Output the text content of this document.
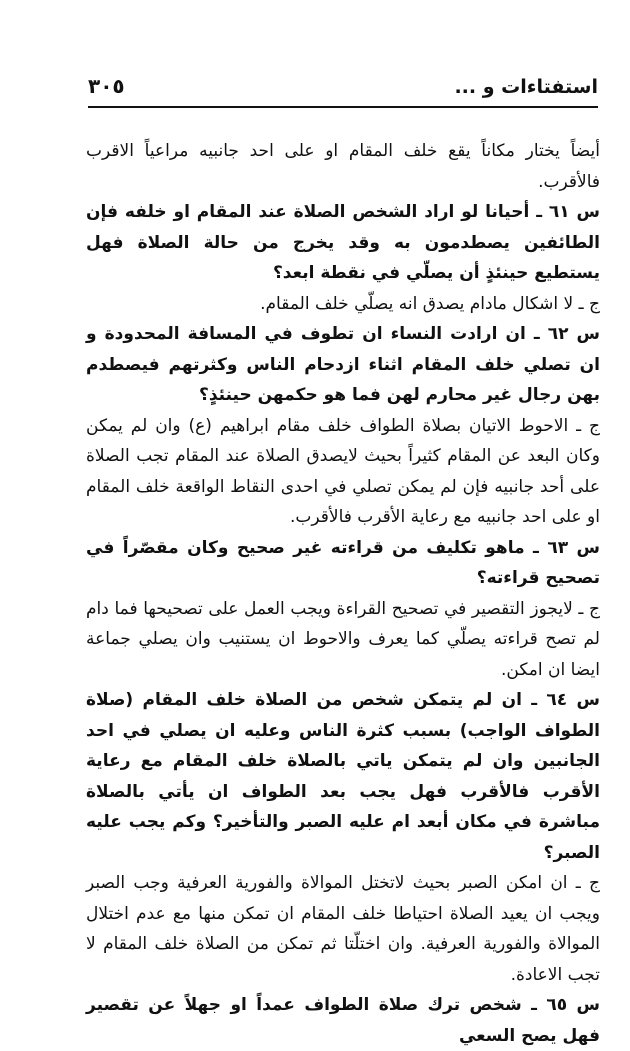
استفتاءات و ...
٣٠٥

أيضاً يختار مكاناً يقع خلف المقام او على احد جانبيه مراعياً الاقرب فالأقرب.

س ٦١ ـ أحيانا لو اراد الشخص الصلاة عند المقام او خلفه فإن الطائفين يصطدمون به وقد يخرج من حالة الصلاة فهل يستطيع حينئذٍ أن يصلّي في نقطة ابعد؟

ج ـ لا اشكال مادام يصدق انه يصلّي خلف المقام.

س ٦٢ ـ ان ارادت النساء ان تطوف في المسافة المحدودة و ان تصلي خلف المقام اثناء ازدحام الناس وكثرتهم فيصطدم بهن رجال غير محارم لهن فما هو حكمهن حينئذٍ؟

ج ـ الاحوط الاتيان بصلاة الطواف خلف مقام ابراهيم (ع) وان لم يمكن وكان البعد عن المقام كثيراً بحيث لايصدق الصلاة عند المقام تجب الصلاة على أحد جانبيه فإن لم يمكن تصلي في احدى النقاط الواقعة خلف المقام او على احد جانبيه مع رعاية الأقرب فالأقرب.

س ٦٣ ـ ماهو تكليف من قراءته غير صحيح وكان مقصّراً في تصحيح قراءته؟

ج ـ لايجوز التقصير في تصحيح القراءة ويجب العمل على تصحيحها فما دام لم تصح قراءته يصلّي كما يعرف والاحوط ان يستنيب وان يصلي جماعة ايضا ان امكن.

س ٦٤ ـ ان لم يتمكن شخص من الصلاة خلف المقام (صلاة الطواف الواجب) بسبب كثرة الناس وعليه ان يصلي في احد الجانبين وان لم يتمكن ياتي بالصلاة خلف المقام مع رعاية الأقرب فالأقرب فهل يجب بعد الطواف ان يأتي بالصلاة مباشرة في مكان أبعد ام عليه الصبر والتأخير؟ وكم يجب عليه الصبر؟

ج ـ ان امكن الصبر بحيث لاتختل الموالاة والفورية العرفية وجب الصبر ويجب ان يعيد الصلاة احتياطا خلف المقام ان تمكن منها مع عدم اختلال الموالاة والفورية العرفية. وان اختلّتا ثم تمكن من الصلاة خلف المقام لا تجب الاعادة.

س ٦٥ ـ شخص ترك صلاة الطواف عمداً او جهلاً عن تقصير فهل يصح السعي
